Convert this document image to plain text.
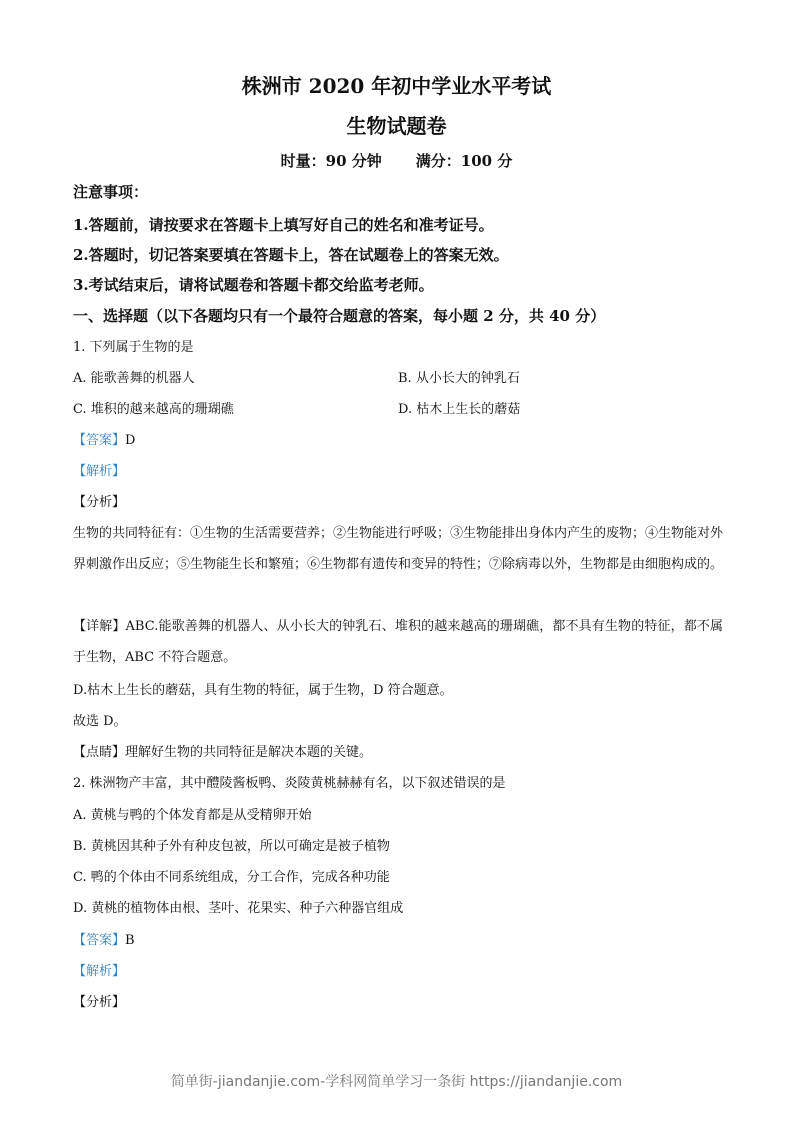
株洲市 2020 年初中学业水平考试
生物试题卷
时量：90 分钟 满分：100 分
注意事项：
1.答题前，请按要求在答题卡上填写好自己的姓名和准考证号。
2.答题时，切记答案要填在答题卡上，答在试题卷上的答案无效。
3.考试结束后，请将试题卷和答题卡都交给监考老师。
一、选择题（以下各题均只有一个最符合题意的答案，每小题 2 分，共 40 分）
1. 下列属于生物的是
A. 能歌善舞的机器人	B. 从小长大的钟乳石
C. 堆积的越来越高的珊瑚礁	D. 枯木上生长的蘑菇
【答案】D
【解析】
【分析】
生物的共同特征有：①生物的生活需要营养；②生物能进行呼吸；③生物能排出身体内产生的废物；④生物能对外界刺激作出反应；⑤生物能生长和繁殖；⑥生物都有遗传和变异的特性；⑦除病毒以外，生物都是由细胞构成的。
【详解】ABC.能歌善舞的机器人、从小长大的钟乳石、堆积的越来越高的珊瑚礁，都不具有生物的特征，都不属于生物，ABC 不符合题意。
D.枯木上生长的蘑菇，具有生物的特征，属于生物，D 符合题意。
故选 D。
【点睛】理解好生物的共同特征是解决本题的关键。
2. 株洲物产丰富，其中醴陵酱板鸭、炎陵黄桃赫赫有名，以下叙述错误的是
A. 黄桃与鸭的个体发育都是从受精卵开始
B. 黄桃因其种子外有种皮包被，所以可确定是被子植物
C. 鸭的个体由不同系统组成，分工合作，完成各种功能
D. 黄桃的植物体由根、茎叶、花果实、种子六种器官组成
【答案】B
【解析】
【分析】
简单街-jiandanjie.com-学科网简单学习一条街 https://jiandanjie.com
